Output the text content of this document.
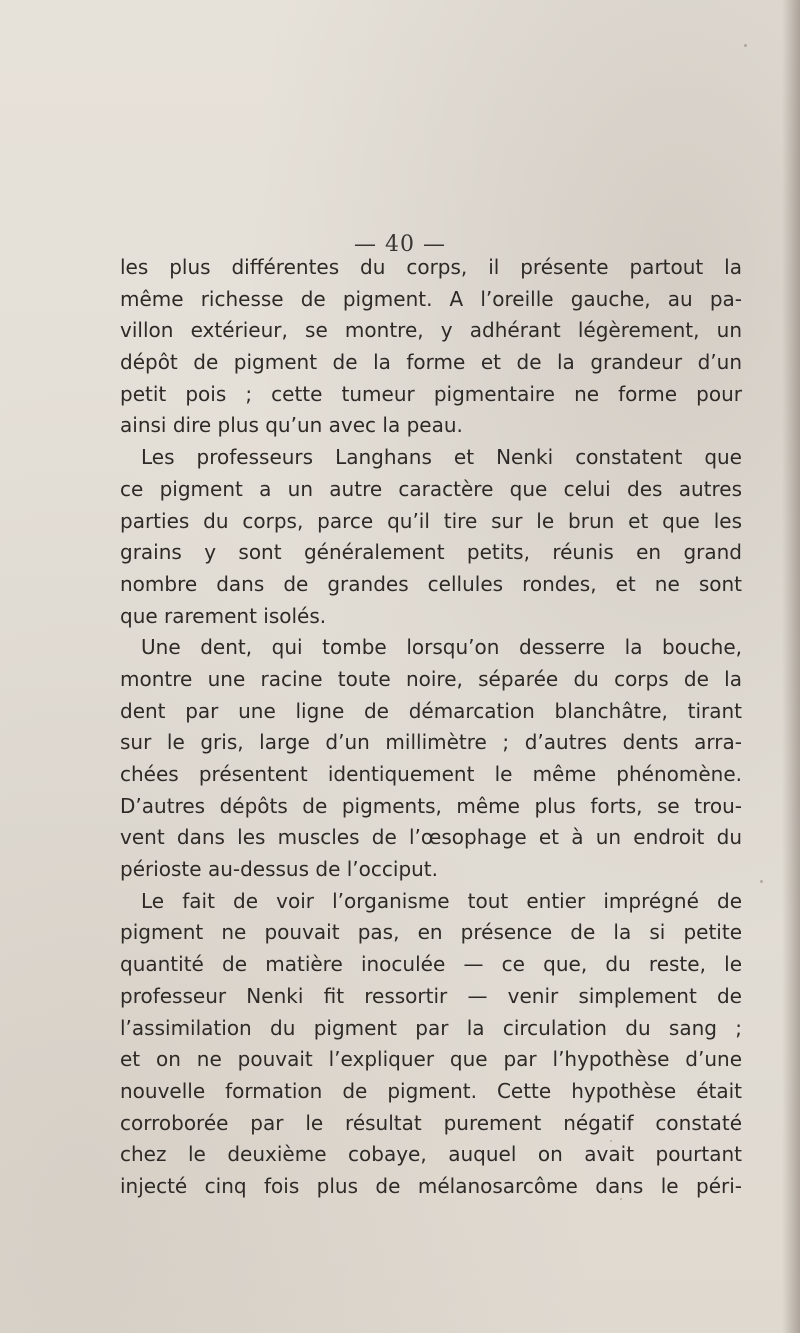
— 40 —
les plus différentes du corps, il présente partout la
même richesse de pigment. A l’oreille gauche, au pa-
villon extérieur, se montre, y adhérant légèrement, un
dépôt de pigment de la forme et de la grandeur d’un
petit pois ; cette tumeur pigmentaire ne forme pour
ainsi dire plus qu’un avec la peau.
Les professeurs Langhans et Nenki constatent que
ce pigment a un autre caractère que celui des autres
parties du corps, parce qu’il tire sur le brun et que les
grains y sont généralement petits, réunis en grand
nombre dans de grandes cellules rondes, et ne sont
que rarement isolés.
Une dent, qui tombe lorsqu’on desserre la bouche,
montre une racine toute noire, séparée du corps de la
dent par une ligne de démarcation blanchâtre, tirant
sur le gris, large d’un millimètre ; d’autres dents arra-
chées présentent identiquement le même phénomène.
D’autres dépôts de pigments, même plus forts, se trou-
vent dans les muscles de l’œsophage et à un endroit du
périoste au-dessus de l’occiput.
Le fait de voir l’organisme tout entier imprégné de
pigment ne pouvait pas, en présence de la si petite
quantité de matière inoculée — ce que, du reste, le
professeur Nenki fit ressortir — venir simplement de
l’assimilation du pigment par la circulation du sang ;
et on ne pouvait l’expliquer que par l’hypothèse d’une
nouvelle formation de pigment. Cette hypothèse était
corroborée par le résultat purement négatif constaté
chez le deuxième cobaye, auquel on avait pourtant
injecté cinq fois plus de mélanosarcôme dans le péri-
